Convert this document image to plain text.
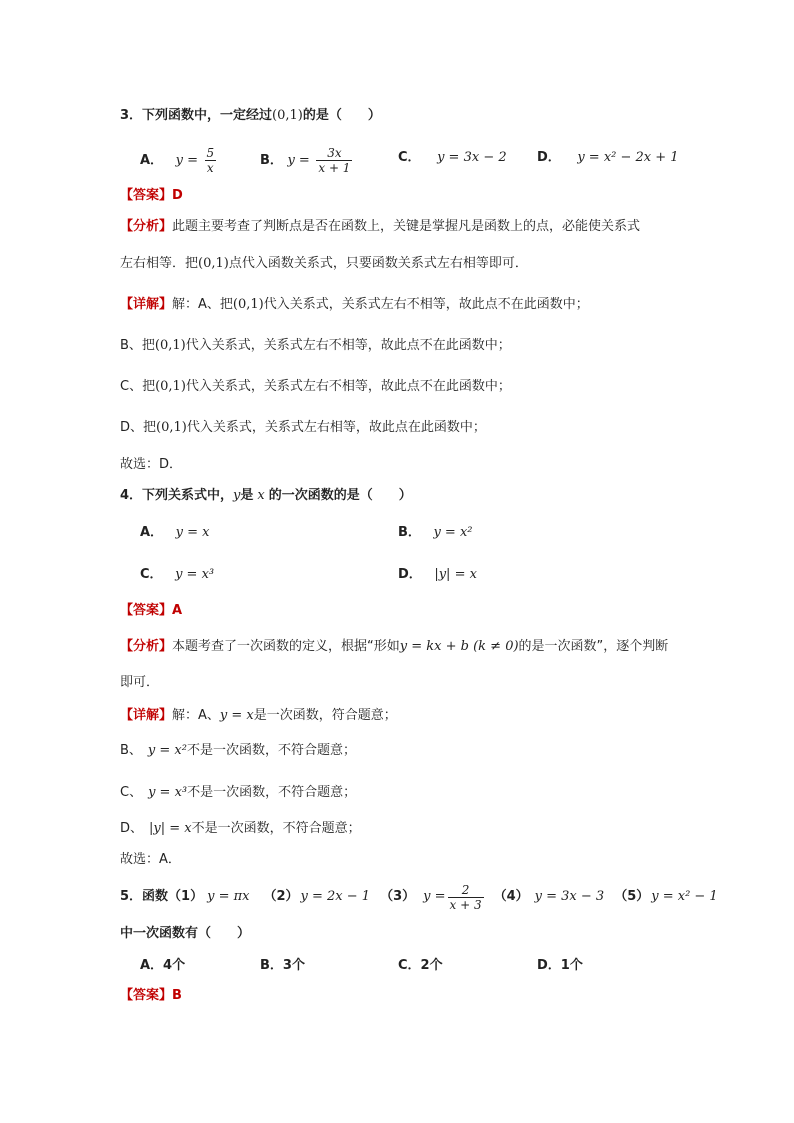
3．下列函数中，一定经过(0,1)的是（　　）
A． $y = \frac{5}{x}$	B． $y = \frac{3x}{x + 1}$	C． y = 3x − 2 D． y = x² − 2x + 1
【答案】D
【分析】此题主要考查了判断点是否在函数上，关键是掌握凡是函数上的点，必能使关系式
左右相等．把(0,1)点代入函数关系式，只要函数关系式左右相等即可．
【详解】解：A、把(0,1)代入关系式，关系式左右不相等，故此点不在此函数中；
B、把(0,1)代入关系式，关系式左右不相等，故此点不在此函数中；
C、把(0,1)代入关系式，关系式左右不相等，故此点不在此函数中；
D、把(0,1)代入关系式，关系式左右相等，故此点在此函数中；
故选：D．
4．下列关系式中，y是 x 的一次函数的是（　　）
A． y = x	B． y = x²
C． y = x³	D． |y| = x
【答案】A
【分析】本题考查了一次函数的定义，根据“形如y = kx + b (k ≠ 0)的是一次函数”，逐个判断
即可．
【详解】解：A、y = x是一次函数，符合题意；
B、 y = x²不是一次函数，不符合题意；
C、 y = x³不是一次函数，不符合题意；
D、 |y| = x不是一次函数，不符合题意；
故选：A．
5．函数（1） y = πx （2） y = 2x − 1 （3） $y = \frac{2}{x + 3} (4) y = 3x - 3$ （5） y = x² − 1
中一次函数有（　　）
A．4个	B．3个	C．2个	D．1个
【答案】B
